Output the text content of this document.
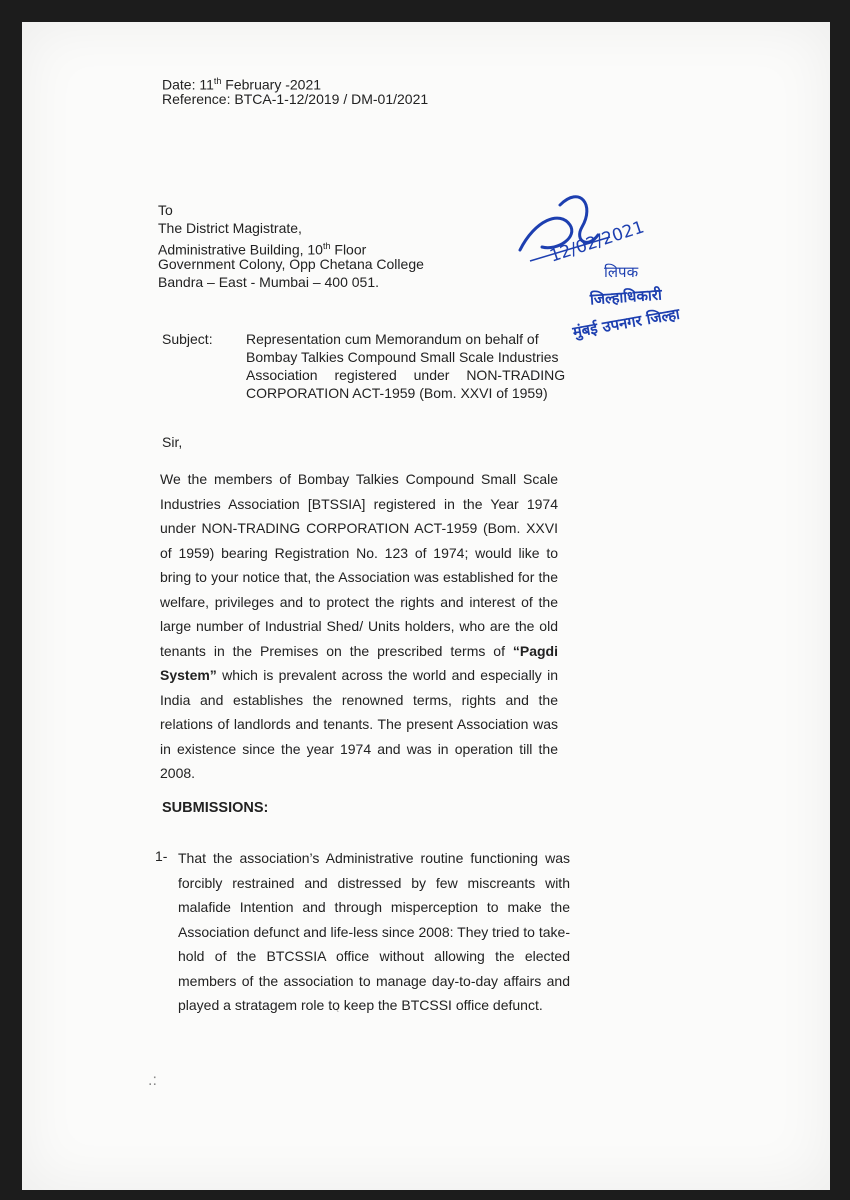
Date: 11th February -2021
Reference: BTCA-1-12/2019 / DM-01/2021
To
The District Magistrate,
Administrative Building, 10th Floor
Government Colony, Opp Chetana College
Bandra – East - Mumbai – 400 051.
12/02/2021
लिपक
जिल्हाधिकारी
मुंबई उपनगर जिल्हा
Subject: Representation cum Memorandum on behalf of
Bombay Talkies Compound Small Scale Industries
Association registered under NON-TRADING
CORPORATION ACT-1959 (Bom. XXVI of 1959)
Sir,
We the members of Bombay Talkies Compound Small Scale Industries Association [BTSSIA] registered in the Year 1974 under NON-TRADING CORPORATION ACT-1959 (Bom. XXVI of 1959) bearing Registration No. 123 of 1974; would like to bring to your notice that, the Association was established for the welfare, privileges and to protect the rights and interest of the large number of Industrial Shed/ Units holders, who are the old tenants in the Premises on the prescribed terms of “Pagdi System” which is prevalent across the world and especially in India and establishes the renowned terms, rights and the relations of landlords and tenants. The present Association was in existence since the year 1974 and was in operation till the 2008.
SUBMISSIONS:
1- That the association’s Administrative routine functioning was forcibly restrained and distressed by few miscreants with malafide Intention and through misperception to make the Association defunct and life-less since 2008: They tried to take-hold of the BTCSSIA office without allowing the elected members of the association to manage day-to-day affairs and played a stratagem role to keep the BTCSSI office defunct.
.:
`
